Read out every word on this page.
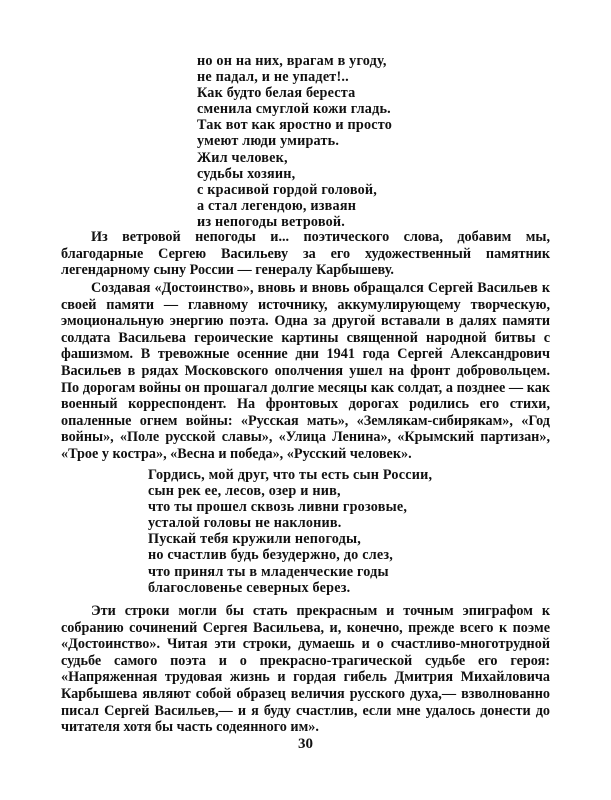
но он на них, врагам в угоду,
не падал, и не упадет!..
Как будто белая береста
сменила смуглой кожи гладь.
Так вот как яростно и просто
умеют люди умирать.
Жил человек,
судьбы хозяин,
с красивой гордой головой,
а стал легендою, изваян
из непогоды ветровой.

Из ветровой непогоды и... поэтического слова, добавим мы, благодарные Сергею Васильеву за его художественный памятник легендарному сыну России — генералу Карбышеву.

Создавая «Достоинство», вновь и вновь обращался Сергей Васильев к своей памяти — главному источнику, аккумулирующему творческую, эмоциональную энергию поэта. Одна за другой вставали в далях памяти солдата Васильева героические картины священной народной битвы с фашизмом. В тревожные осенние дни 1941 года Сергей Александрович Васильев в рядах Московского ополчения ушел на фронт добровольцем. По дорогам войны он прошагал долгие месяцы как солдат, а позднее — как военный корреспондент. На фронтовых дорогах родились его стихи, опаленные огнем войны: «Русская мать», «Землякам-сибирякам», «Год войны», «Поле русской славы», «Улица Ленина», «Крымский партизан», «Трое у костра», «Весна и победа», «Русский человек».

Гордись, мой друг, что ты есть сын России,
сын рек ее, лесов, озер и нив,
что ты прошел сквозь ливни грозовые,
усталой головы не наклонив.
Пускай тебя кружили непогоды,
но счастлив будь безудержно, до слез,
что принял ты в младенческие годы
благословенье северных берез.

Эти строки могли бы стать прекрасным и точным эпиграфом к собранию сочинений Сергея Васильева, и, конечно, прежде всего к поэме «Достоинство». Читая эти строки, думаешь и о счастливо-многотрудной судьбе самого поэта и о прекрасно-трагической судьбе его героя: «Напряженная трудовая жизнь и гордая гибель Дмитрия Михайловича Карбышева являют собой образец величия русского духа,— взволнованно писал Сергей Васильев,— и я буду счастлив, если мне удалось донести до читателя хотя бы часть содеянного им».

30
